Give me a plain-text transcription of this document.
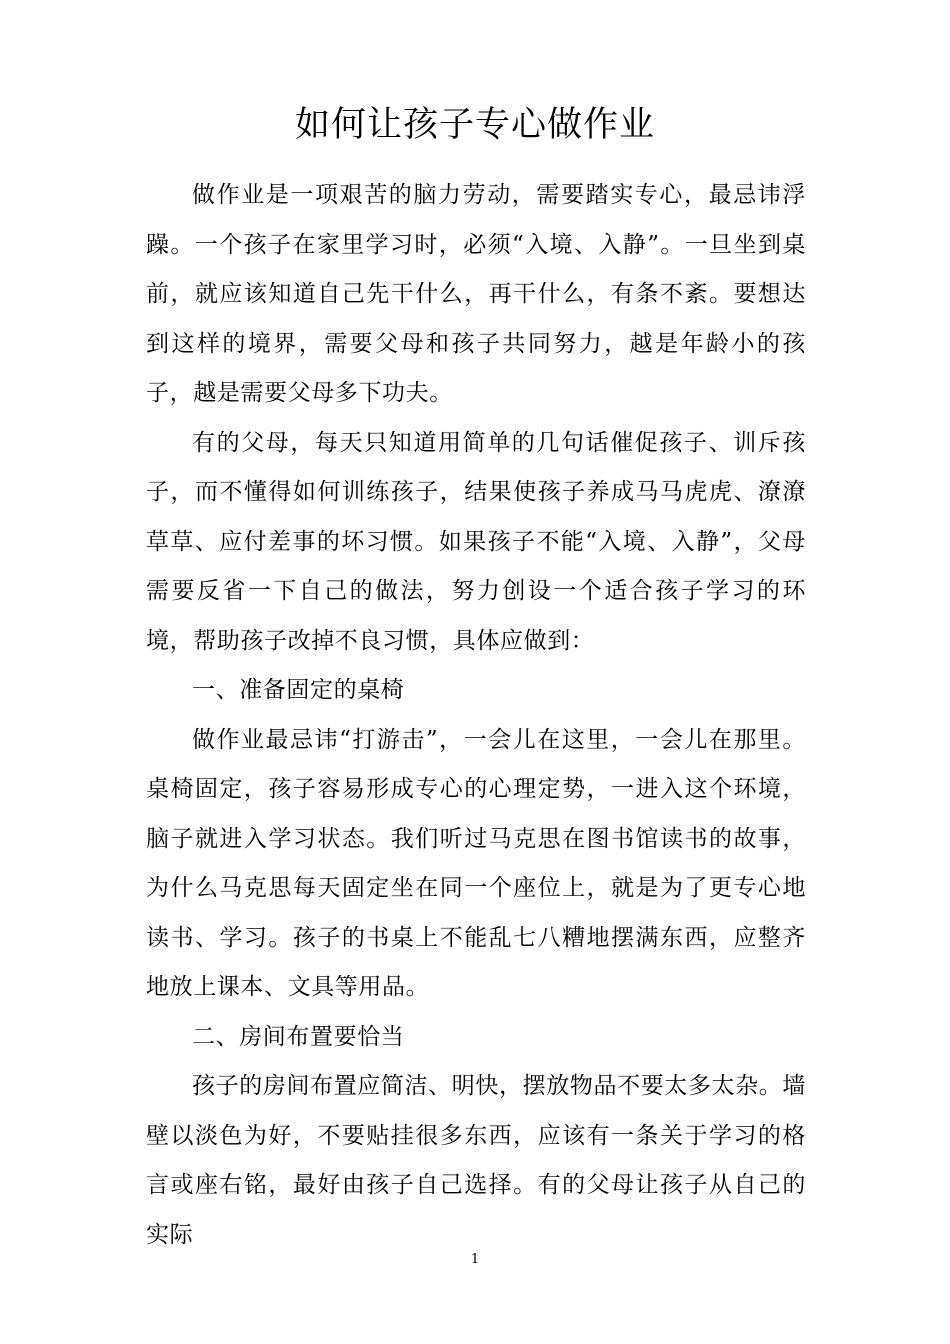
如何让孩子专心做作业

做作业是一项艰苦的脑力劳动，需要踏实专心，最忌讳浮躁。一个孩子在家里学习时，必须“入境、入静”。一旦坐到桌前，就应该知道自己先干什么，再干什么，有条不紊。要想达到这样的境界，需要父母和孩子共同努力，越是年龄小的孩子，越是需要父母多下功夫。

有的父母，每天只知道用简单的几句话催促孩子、训斥孩子，而不懂得如何训练孩子，结果使孩子养成马马虎虎、潦潦草草、应付差事的坏习惯。如果孩子不能“入境、入静”，父母需要反省一下自己的做法，努力创设一个适合孩子学习的环境，帮助孩子改掉不良习惯，具体应做到：

一、准备固定的桌椅

做作业最忌讳“打游击”，一会儿在这里，一会儿在那里。桌椅固定，孩子容易形成专心的心理定势，一进入这个环境，脑子就进入学习状态。我们听过马克思在图书馆读书的故事，为什么马克思每天固定坐在同一个座位上，就是为了更专心地读书、学习。孩子的书桌上不能乱七八糟地摆满东西，应整齐地放上课本、文具等用品。

二、房间布置要恰当

孩子的房间布置应简洁、明快，摆放物品不要太多太杂。墙壁以淡色为好，不要贴挂很多东西，应该有一条关于学习的格言或座右铭，最好由孩子自己选择。有的父母让孩子从自己的实际

1
